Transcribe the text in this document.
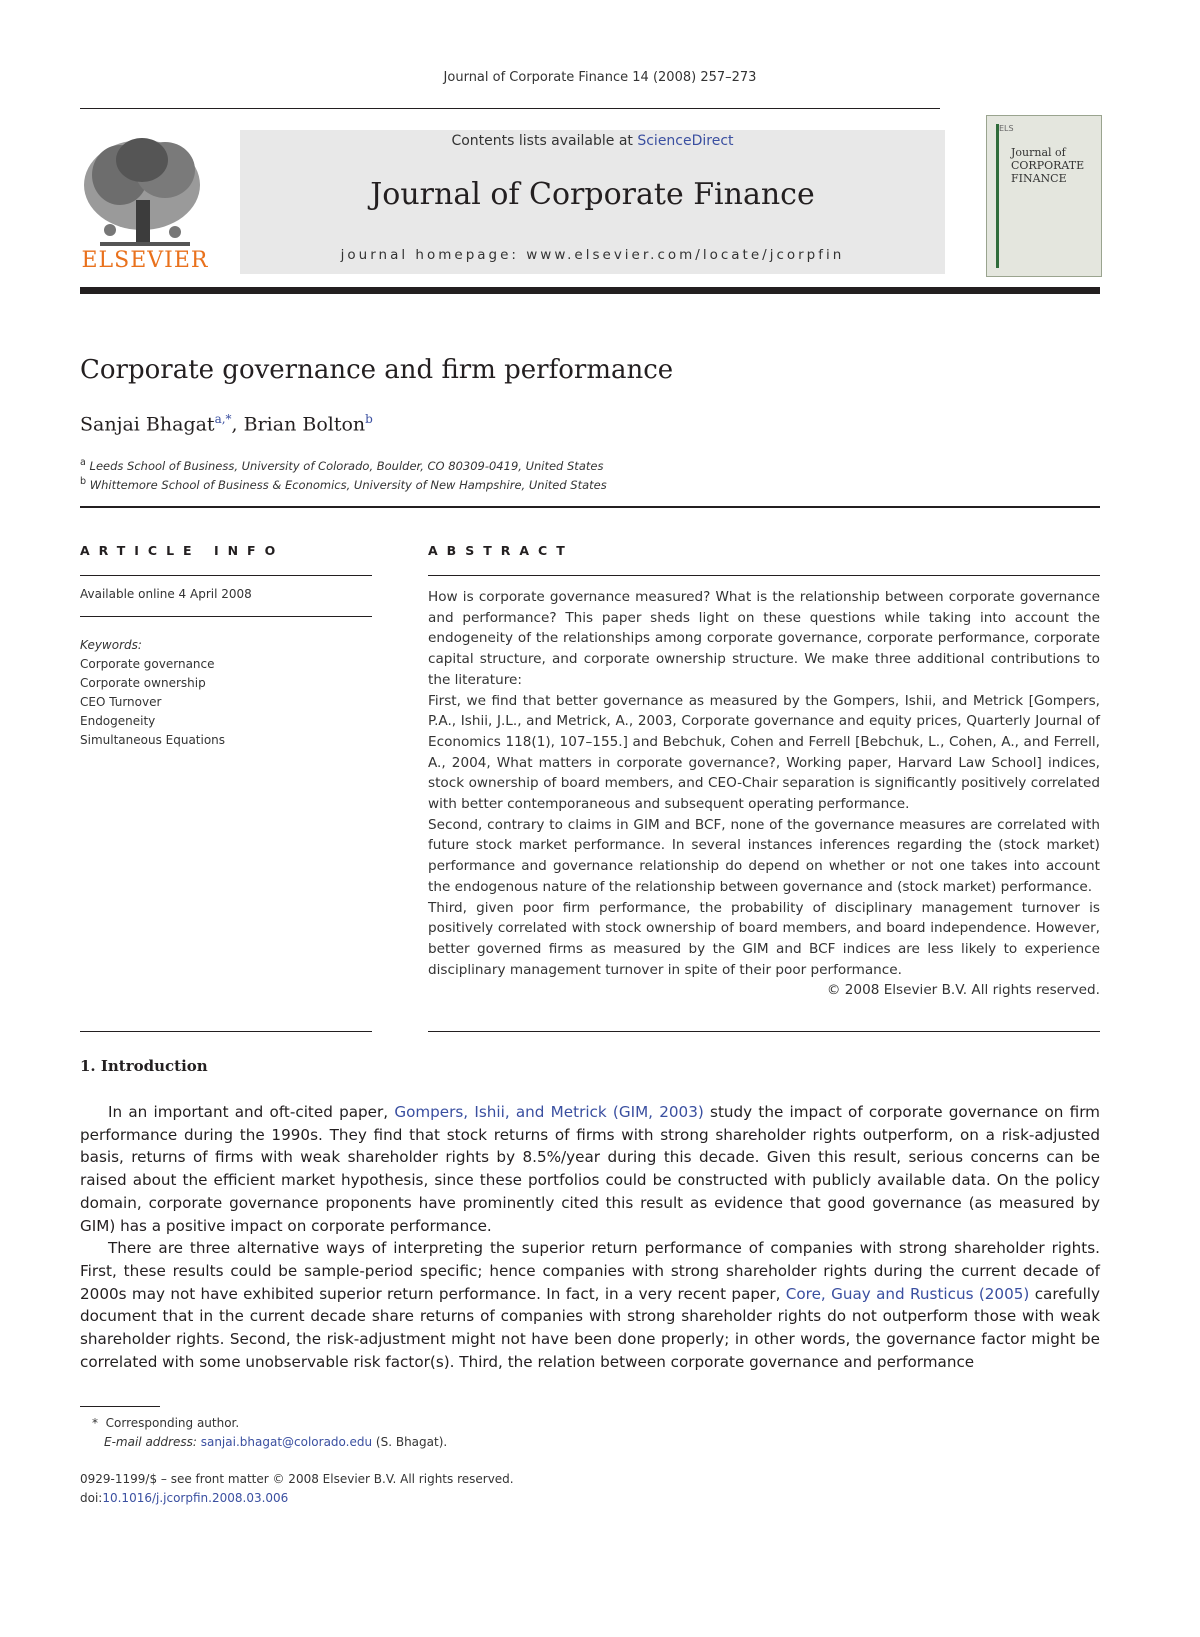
Journal of Corporate Finance 14 (2008) 257–273
ELSEVIER
Contents lists available at ScienceDirect
Journal of Corporate Finance
journal homepage: www.elsevier.com/locate/jcorpfin
ELS
Journal of
CORPORATE
FINANCE
Corporate governance and firm performance
Sanjai Bhagat$^{a,*}$, Brian Bolton$^b$
$^a$ Leeds School of Business, University of Colorado, Boulder, CO 80309-0419, United States
$^b$ Whittemore School of Business & Economics, University of New Hampshire, United States
ARTICLE INFO
Available online 4 April 2008
Keywords:
Corporate governance
Corporate ownership
CEO Turnover
Endogeneity
Simultaneous Equations
ABSTRACT

How is corporate governance measured? What is the relationship between corporate governance and performance? This paper sheds light on these questions while taking into account the endogeneity of the relationships among corporate governance, corporate performance, corporate capital structure, and corporate ownership structure. We make three additional contributions to the literature:

First, we find that better governance as measured by the Gompers, Ishii, and Metrick [Gompers, P.A., Ishii, J.L., and Metrick, A., 2003, Corporate governance and equity prices, Quarterly Journal of Economics 118(1), 107–155.] and Bebchuk, Cohen and Ferrell [Bebchuk, L., Cohen, A., and Ferrell, A., 2004, What matters in corporate governance?, Working paper, Harvard Law School] indices, stock ownership of board members, and CEO-Chair separation is significantly positively correlated with better contemporaneous and subsequent operating performance.

Second, contrary to claims in GIM and BCF, none of the governance measures are correlated with future stock market performance. In several instances inferences regarding the (stock market) performance and governance relationship do depend on whether or not one takes into account the endogenous nature of the relationship between governance and (stock market) performance.

Third, given poor firm performance, the probability of disciplinary management turnover is positively correlated with stock ownership of board members, and board independence. However, better governed firms as measured by the GIM and BCF indices are less likely to experience disciplinary management turnover in spite of their poor performance.

© 2008 Elsevier B.V. All rights reserved.

1. Introduction

In an important and oft-cited paper, Gompers, Ishii, and Metrick (GIM, 2003) study the impact of corporate governance on firm performance during the 1990s. They find that stock returns of firms with strong shareholder rights outperform, on a risk-adjusted basis, returns of firms with weak shareholder rights by 8.5%/year during this decade. Given this result, serious concerns can be raised about the efficient market hypothesis, since these portfolios could be constructed with publicly available data. On the policy domain, corporate governance proponents have prominently cited this result as evidence that good governance (as measured by GIM) has a positive impact on corporate performance.

There are three alternative ways of interpreting the superior return performance of companies with strong shareholder rights. First, these results could be sample-period specific; hence companies with strong shareholder rights during the current decade of 2000s may not have exhibited superior return performance. In fact, in a very recent paper, Core, Guay and Rusticus (2005) carefully document that in the current decade share returns of companies with strong shareholder rights do not outperform those with weak shareholder rights. Second, the risk-adjustment might not have been done properly; in other words, the governance factor might be correlated with some unobservable risk factor(s). Third, the relation between corporate governance and performance

* Corresponding author.
E-mail address: sanjai.bhagat@colorado.edu (S. Bhagat).
0929-1199/$ – see front matter © 2008 Elsevier B.V. All rights reserved.
doi:10.1016/j.jcorpfin.2008.03.006
